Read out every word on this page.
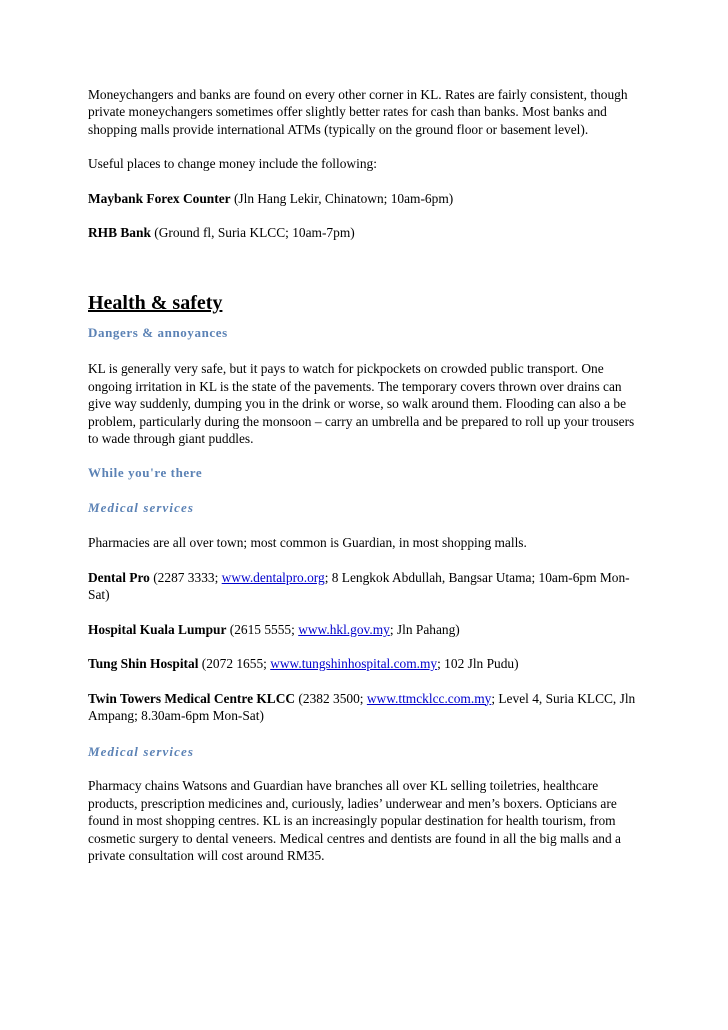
Moneychangers and banks are found on every other corner in KL. Rates are fairly consistent, though private moneychangers sometimes offer slightly better rates for cash than banks. Most banks and shopping malls provide international ATMs (typically on the ground floor or basement level).

Useful places to change money include the following:

Maybank Forex Counter (Jln Hang Lekir, Chinatown; 10am-6pm)

RHB Bank (Ground fl, Suria KLCC; 10am-7pm)

Health & safety

Dangers & annoyances

KL is generally very safe, but it pays to watch for pickpockets on crowded public transport. One ongoing irritation in KL is the state of the pavements. The temporary covers thrown over drains can give way suddenly, dumping you in the drink or worse, so walk around them. Flooding can also a be problem, particularly during the monsoon – carry an umbrella and be prepared to roll up your trousers to wade through giant puddles.

While you're there

Medical services

Pharmacies are all over town; most common is Guardian, in most shopping malls.

Dental Pro (2287 3333; www.dentalpro.org; 8 Lengkok Abdullah, Bangsar Utama; 10am-6pm Mon-Sat)

Hospital Kuala Lumpur (2615 5555; www.hkl.gov.my; Jln Pahang)

Tung Shin Hospital (2072 1655; www.tungshinhospital.com.my; 102 Jln Pudu)

Twin Towers Medical Centre KLCC (2382 3500; www.ttmcklcc.com.my; Level 4, Suria KLCC, Jln Ampang; 8.30am-6pm Mon-Sat)

Medical services

Pharmacy chains Watsons and Guardian have branches all over KL selling toiletries, healthcare products, prescription medicines and, curiously, ladies’ underwear and men’s boxers. Opticians are found in most shopping centres. KL is an increasingly popular destination for health tourism, from cosmetic surgery to dental veneers. Medical centres and dentists are found in all the big malls and a private consultation will cost around RM35.
